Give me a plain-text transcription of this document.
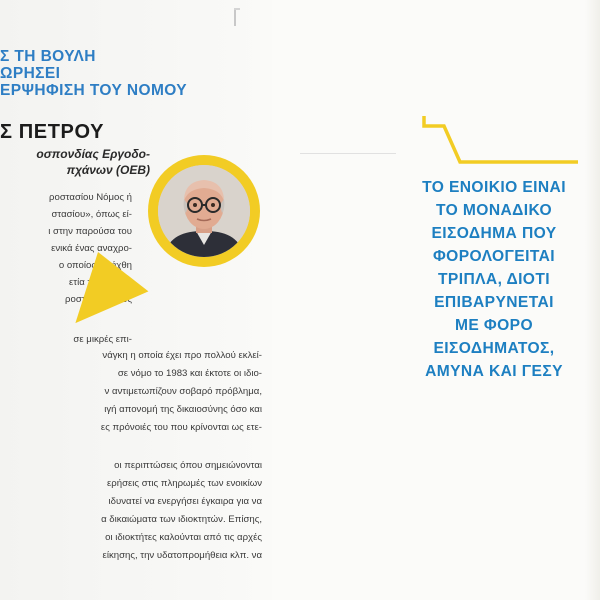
Σ ΤΗ ΒΟΥΛΗ
ΩΡΗΣΕΙ
ΕΡΨΗΦΙΣΗ ΤΟΥ ΝΟΜΟΥ
Σ ΠΕΤΡΟΥ
οσπονδίας Εργοδο-
πχάνων (ΟΕΒ)
ροστασίου Νόμος ή
στασίου», όπως εί-
ι στην παρούσα του
ενικά ένας αναχρο-
ο οποίος εισήχθη
ετία του '70 για
ροστασία στους
σε μικρές επι-
νάγκη η οποία έχει προ πολλού εκλεί-
σε νόμο το 1983 και έκτοτε οι ιδιο-
ν αντιμετωπίζουν σοβαρό πρόβλημα,
ιγή απονομή της δικαιοσύνης όσο και
ες πρόνοιές του που κρίνονται ως ετε-
οι περιπτώσεις όπου σημειώνονται
ερήσεις στις πληρωμές των ενοικίων
ιδυνατεί να ενεργήσει έγκαιρα για να
α δικαιώματα των ιδιοκτητών. Επίσης,
οι ιδιοκτήτες καλούνται από τις αρχές
είκησης, την υδατοπρομήθεια κλπ. να
ΤΟ ΕΝΟΙΚΙΟ ΕΙΝΑΙ
ΤΟ ΜΟΝΑΔΙΚΟ
ΕΙΣΟΔΗΜΑ ΠΟΥ
ΦΟΡΟΛΟΓΕΙΤΑΙ
ΤΡΙΠΛΑ, ΔΙΟΤΙ
ΕΠΙΒΑΡΥΝΕΤΑΙ
ΜΕ ΦΟΡΟ
ΕΙΣΟΔΗΜΑΤΟΣ,
ΑΜΥΝΑ ΚΑΙ ΓΕΣΥ
